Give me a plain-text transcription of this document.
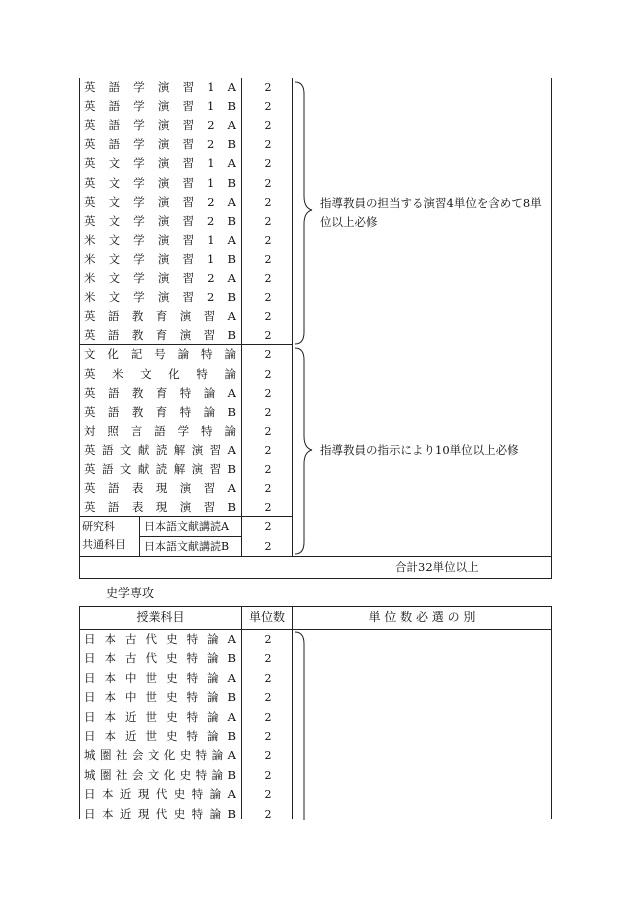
英 語 学 演 習 1 A	2
英 語 学 演 習 1 B	2
英 語 学 演 習 2 A	2
英 語 学 演 習 2 B	2
英 文 学 演 習 1 A	2
英 文 学 演 習 1 B	2
英 文 学 演 習 2 A	2
英 文 学 演 習 2 B	2
米 文 学 演 習 1 A	2
米 文 学 演 習 1 B	2
米 文 学 演 習 2 A	2
米 文 学 演 習 2 B	2
英 語 教 育 演 習 A	2
英 語 教 育 演 習 B	2
文 化 記 号 論 特 論	2
英 米 文 化 特 論	2
英 語 教 育 特 論 A	2
英 語 教 育 特 論 B	2
対 照 言 語 学 特 論	2
英 語 文 献 読 解 演 習 A	2
英 語 文 献 読 解 演 習 B	2
英 語 表 現 演 習 A	2
英 語 表 現 演 習 B	2
研究科
共通科目
日本語文献講読A	2
日本語文献講読B	2
指導教員の担当する演習4単位を含めて8単
位以上必修
指導教員の指示により10単位以上必修
合計32単位以上
史学専攻
授業科目	単位数	単 位 数 必 選 の 別
日 本 古 代 史 特 論 A	2
日 本 古 代 史 特 論 B	2
日 本 中 世 史 特 論 A	2
日 本 中 世 史 特 論 B	2
日 本 近 世 史 特 論 A	2
日 本 近 世 史 特 論 B	2
城 圏 社 会 文 化 史 特 論 A	2
城 圏 社 会 文 化 史 特 論 B	2
日 本 近 現 代 史 特 論 A	2
日 本 近 現 代 史 特 論 B	2
